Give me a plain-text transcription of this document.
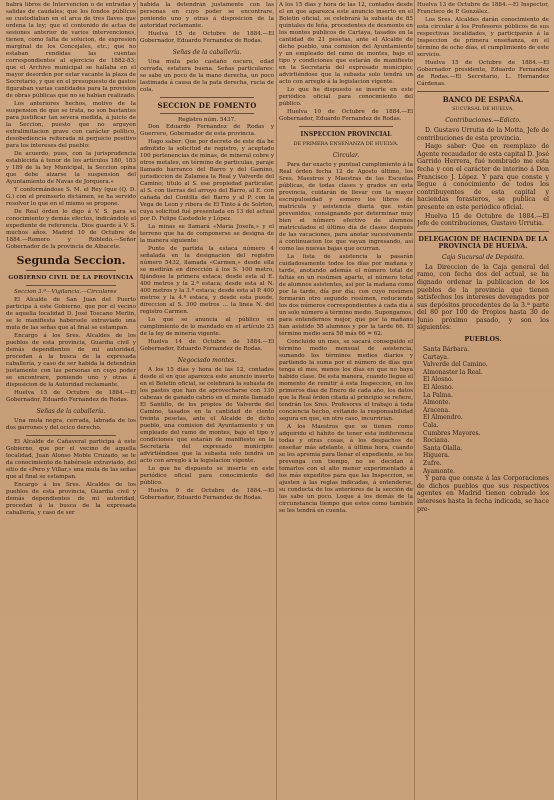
habrá libros de Intervencion ó de entradas y salidas de caudales; que los fondos públicos se custodiaban en el arca de tres llaves que ordena la ley; que el contenido de actas de sesiones anterior de varios intervenciones, tienen, como falta de solucion, de expresion marginal de los Concejales, etc.; que no estaban rendidas las cuentas correspondientes al ejercicio de 1882-83; que el Archivo municipal se hallaba en el mayor desorden por estar vacante la plaza de Secretario, y que en el presupuesto de gastos figuraban varias cantidades para la provision de obras públicas que no se habian realizado.

Los anteriores hechos, motivo de la suspension de que se trata, no son bastantes para justificar tan severa medida, á juicio de la Seccion, puesto que no arguyen extralimitacion grave con carácter político, desobediencia reiterada ni perjuicio positivo para los intereses del pueblo:

De acuerdo, pues, con la jurisprudencia establecida á tenor de los artículos 180, 183 y 189 de la ley Municipal, la Seccion opina que debe alzarse la suspension del Ayuntamiento de Navas de Jorquera.»

Y conformándose S. M. el Rey (que (Q. D. G.) con el preinserto dictámen, se ha servido resolver lo que en el mismo se propone.

De Real órden lo digo á V. S. para su conocimiento y demás efectos, indicándole el expediente de referencia. Dios guarde á V. S. muchos años. Madrid 10 de Octubre de 1884.—Romero y Robledo.—Señor Gobernador de la provincia de Albacete.

Segunda Seccion.
GOBIERNO CIVIL DE LA PROVINCIA

Seccion 3.ª—Vigilancia.—Circulares

El Alcalde de San Juan del Puerto participa á este Gobierno, que por el vecino de aquella localidad D. José Toscano Merlin, se le manifiesta habérsele extraviado una mula de las señas que al final se estampan.

Encargo á los Sres. Alcaldes de los pueblos de esta provincia, Guardia civil y demás dependientes de mi autoridad, procedan á la busca de la expresada caballería, y caso de ser habida la detendrán justamente con las personas en cuyo poder se encontrare, poniendo uno y otras á disposicion de la Autoridad reclamante.

Huelva 15 de Octubre de 1884.—El Gobernador, Eduardo Fernandez de Rodas.

Señas de la caballería.

Una mula negra, cerrada, labrada de los dos garrones y del ocico derecho.

El Alcalde de Cañaveral participa á este Gobierno, que por el vecino de aquella localidad, Juan Alonso Moble Cruzado, se le da conocimiento de habérsele extraviado, del sitio de «Pero y Villar,» una mula de las señas que al final se estampan.

Encargo á los Sres. Alcaldes de los pueblos de esta provincia, Guardia civil y demás dependientes de mi autoridad, procedan á la busca de la expresada caballería, y caso de ser

habida la detendrán justamente con las personas en cuyo poder se encontrare, poniendo uno y otras á disposicion de la autoridad reclamante.

Huelva 15 de Octubre de 1884.—El Gobernador, Eduardo Fernandez de Rodas.

Señas de la caballería.

Una mula pelo castaño oscuro, edad cerrada, estatura buena. Señas particulares: se sabe un poco de la mano derecha, un poco lastimada á causa de la pata derecha, rucia de cola.

SECCION DE FOMENTO
Registro núm. 5437.

Don Eduardo Fernandez de Rodas y Guerrero, Gobernador de esta provincia.

Hago saber: Que por decreto de este día he admitido la solicitud de registro, y aceptado 100 pertenencias de minas, de mineral cobre y otros metales, en término de particulas, paraje llamado barranco del Barro y del Gamino, jurisdiccion de Zalamea la Real y Valverde del Camino; título al S. ese propiedad particular, al S. con tierras del arroyo del Barro, al E. con cañada del Contilla del Barro y al P. con la Vega de Leon y ribera de El Tinto á de Solrton, cuya solicitud fué presentada en 13 del actual por D. Felipe Castedole y López.

La minas se llamará «Maria Josefa,» y el terreno que ha de componerse se designa de la manera siguiente:

Punto de partida la estaca número 4 señalada en la designacion del registro número 5432, llamada «Carmen,» desde ella se medirán en dirección á los S. 100 metro, fijándose la primera estaca; desde esta al E. 400 metros y la 2.ª estaca; desde esta al N. 400 metros y la 3.ª estaca; desde esta al P. 400 metros y la 4.ª estaca, y desde esta puede, direccion al S. 300 metros ... la linea N. del registro Carmen.

Lo que se anuncia al público en cumplimiento de lo mandado en el artículo 23 de la ley de minería vigente.

Huelva 14 de Octubre de 1884.—El Gobernador, Eduardo Fernandez de Rodas.

Negociado montes.

A los 15 días y hora de las 12, contados desde el en que aparezca este anuncio inserto en el Boletin oficial, se celebrará la subasta de los pastos que han de aprovecharse con 130 cabezas de ganado cabrío en el monte llamado El Santillo, de los propios de Valverde del Camino, tasados en la cantidad de ciento treinta pesetas, ante el Alcalde de dicho pueblo, una comision del Ayuntamiento y un empleado del ramo de montes, bajo el tipo y condiciones que estarán de manifiesto en la Secretaría del expresado municipio: advirtiéndose que la subasta solo tendrá un acto con arreglo á la legislacion vigente.

Lo que he dispuesto se inserte en este periódico oficial para conocimiento del público.

Huelva 9 de Octubre de 1884.—El Gobernador, Eduardo Fernandez de Rodas.

A los 15 días y hora de las 12, contados desde el en que aparezca este anuncio inserto en el Boletin oficial, se celebrará la subasta de 85 quintales de leña, procedentes de desmonte en los montes públicos de Cartaya, tasados en la cantidad de 21 pesetas, ante el Alcalde de dicho pueblo, una comision del Ayuntamiento y un empleado del ramo de montes, bajo el tipo y condiciones que estarán de manifiesto en la Secretaría del expresado municipio; advirtiéndose que la subasta solo tendrá un acto con arreglo á la legislacion vigente.

Lo que he dispuesto se inserte en este periódico oficial para conocimiento del público.

Huelva 10 de Octubre de 1884.—El Gobernador, Eduardo Fernandez de Rodas.

INSPECCION PROVINCIAL
DE PRIMERA ENSEÑANZA DE HUELVA.
Circular.

Para dar exacto y puntual cumplimiento á la Real órden fecha 12 de Agosto último, los Sres. Maestros y Maestras de las Escuelas públicas, de todas clases y grados en esta provincia, cuidarán de llevar con la mayor escrupulosidad y esmero los libros de matrícula y asistencia diaria que están prevenidos, consignando por determinar muy bien el número efectivo de alumnos matriculados el último día de clases después de las vacaciones, para anotar sucesivamente á continuacion los que vayan ingresando, así como las nuevas bajas que ocurran.

La lista de asistencia la pasarán cuidadosamente todos los días por mañana y tarde, anotando además el número total de faltas en un resúmen aparte, el número total de alumnos asistentes, así por la mañana como por la tarde, día por día; con cuyo resúmen formarán otro segundo resúmen, reduciendo los dos números correspondientes á cada día á un solo número á término medio. Supongamos, para entendernos mejor, que por la mañana han asistido 58 alumnos y por la tarde 66. El término medio será 58 más 66 = 62.

Concluido un mes, se sacará conseguido el término medio mensual de asistencia, sumando los términos medios diarios y partiendo la suma por el número de días que tenga el mes, menos los días en que no haya habido clase. De esta manera, cuando llegue el momento de remitir á esta Inspeccion, en los primeros días de Enero de cada año, los datos que la Real órden citada al principio se refiere, tendrán los Sres. Profesores el trabajo á toda conciencia hecho, evitando la responsabilidad segura en que, en otro caso, incurririan.

A los Maestros que se tienen como adquirido el hábito de tener esta indiferencia todas y otras cosas, á los despachos de enseñar más adelante, á última hora, cuando se les apremia para llenar el expediente, se les prevenga con tiempo, no se decidan á tomarlos con el alto menor experimentado á los más expeditos para que las Inspeccion, se ajusten á las reglas indicadas, á entenderse, su conducta de los anteriores de la sección de las sabe un poco. Loque á los demás de la circunstancia tiempo que estos como también se les tendrá en cuenta.

Huelva 13 de Octubre de 1884.—El Inspector, Francisco de P. González.

Los Sres. Alcaldes darán conocimiento de esta circular á los Profesores públicos de sus respectivas localidades, y participarán á la Inspeccion de primera enseñanza, en el término de ocho días, el cumplimiento de este servicio.

Huelva 15 de Octubre de 1884.—El Gobernador presidente, Eduardo Fernandez de Rodas.—El Secretario, L. Hernandez Cárdenas.

BANCO DE ESPAÑA.
SUCURSAL DE HUELVA.
Contribuciones.—Edicto.

D. Gustavo Urrutia de la Motta, Jefe de contribuciones de esta provincia.

Hago saber: Que en reemplazo de Agente recaudador de esta capital D. José Garrido Herrera, fué nombrado me esta fecha y con el carácter de interino á Don Francisco J. López. Y para que conste y llegue á conocimiento de todos los contribuyentes de esta capital y haciendas forasteros, se publica el presente en este periódico oficial.

Huelva 15 de Octubre de 1884.—El Jefe de contribuciones, Gustavo Urrutia.

DELEGACION DE HACIENDA DE LA PROVINCIA DE HUELVA.
Caja Sucursal de Depósito.

La Direccion de la Caja general del ramo, con fecha dos del actual, se ha dignado ordenar la publicacion de los pueblos de la provincia que tienen satisfechos los intereses devengados por sus depósitos procedentes de la 3.ª parte del 80 por 100 de Propios hasta 30 de Junio próximo pasado, y son los siguientes:

PUEBLOS.
Santa Bárbara.
Cartaya.
Valverde del Camino.
Almonaster la Real.
El Alosno.
El Alosno.
La Palma.
Almonte.
Aracena.
El Almendro.
Cala.
Cumbres Mayores.
Rociana.
Santa Olalla.
Higuera.
Zufre.
Ayamonte.

Y para que conste á las Corporaciones de dichos pueblos que sus respectivos agentes en Madrid tienen cobrado los intereses hasta la fecha indicada, se hace pre-
